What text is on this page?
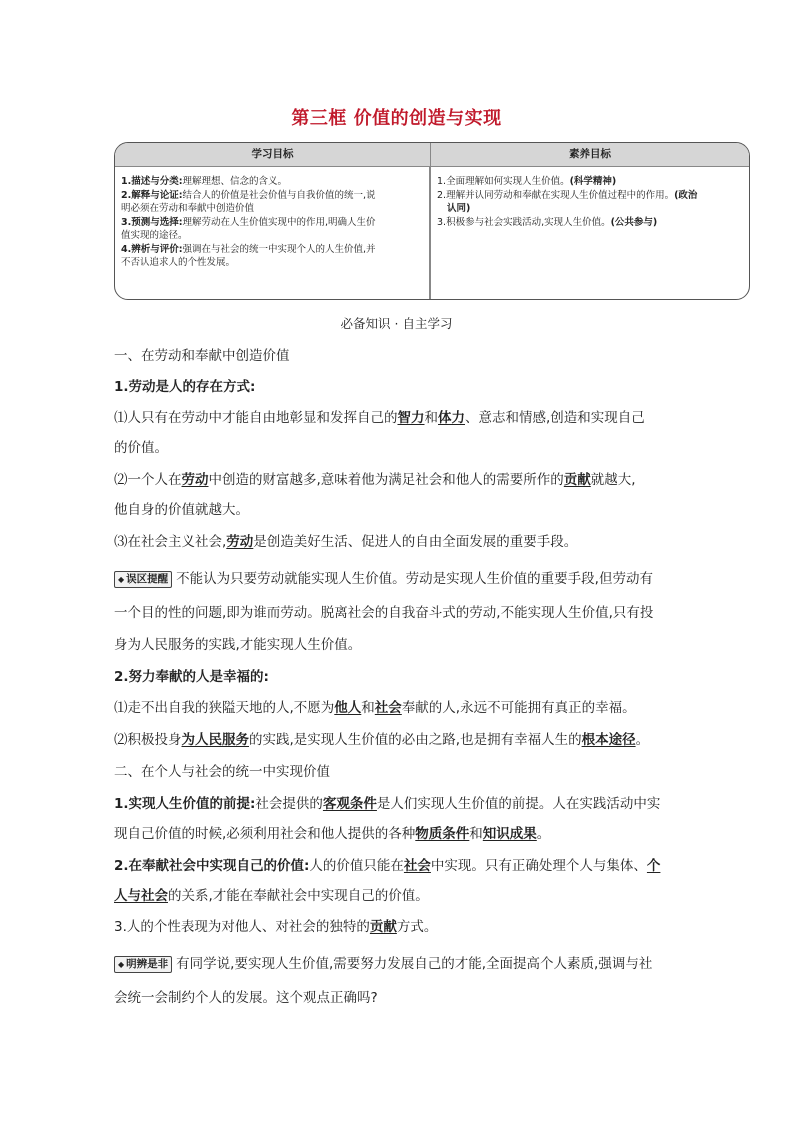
第三框 价值的创造与实现
学习目标	素养目标
1.描述与分类:理解理想、信念的含义。
2.解释与论证:结合人的价值是社会价值与自我价值的统一,说
明必须在劳动和奉献中创造价值
3.预测与选择:理解劳动在人生价值实现中的作用,明确人生价
值实现的途径。
4.辨析与评价:强调在与社会的统一中实现个人的人生价值,并
不否认追求人的个性发展。
1.全面理解如何实现人生价值。(科学精神)
2.理解并认同劳动和奉献在实现人生价值过程中的作用。(政治
认同)
3.积极参与社会实践活动,实现人生价值。(公共参与)
必备知识 · 自主学习
一、在劳动和奉献中创造价值
1.劳动是人的存在方式:
⑴人只有在劳动中才能自由地彰显和发挥自己的智力和体力、意志和情感,创造和实现自己
的价值。
⑵一个人在劳动中创造的财富越多,意味着他为满足社会和他人的需要所作的贡献就越大,
他自身的价值就越大。
⑶在社会主义社会,劳动是创造美好生活、促进人的自由全面发展的重要手段。
◆ 误区提醒 不能认为只要劳动就能实现人生价值。劳动是实现人生价值的重要手段,但劳动有
一个目的性的问题,即为谁而劳动。脱离社会的自我奋斗式的劳动,不能实现人生价值,只有投
身为人民服务的实践,才能实现人生价值。
2.努力奉献的人是幸福的:
⑴走不出自我的狭隘天地的人,不愿为他人和社会奉献的人,永远不可能拥有真正的幸福。
⑵积极投身为人民服务的实践,是实现人生价值的必由之路,也是拥有幸福人生的根本途径。
二、在个人与社会的统一中实现价值
1.实现人生价值的前提:社会提供的客观条件是人们实现人生价值的前提。人在实践活动中实
现自己价值的时候,必须利用社会和他人提供的各种物质条件和知识成果。
2.在奉献社会中实现自己的价值:人的价值只能在社会中实现。只有正确处理个人与集体、个
人与社会的关系,才能在奉献社会中实现自己的价值。
3.人的个性表现为对他人、对社会的独特的贡献方式。
◆ 明辨是非 有同学说,要实现人生价值,需要努力发展自己的才能,全面提高个人素质,强调与社
会统一会制约个人的发展。这个观点正确吗?
